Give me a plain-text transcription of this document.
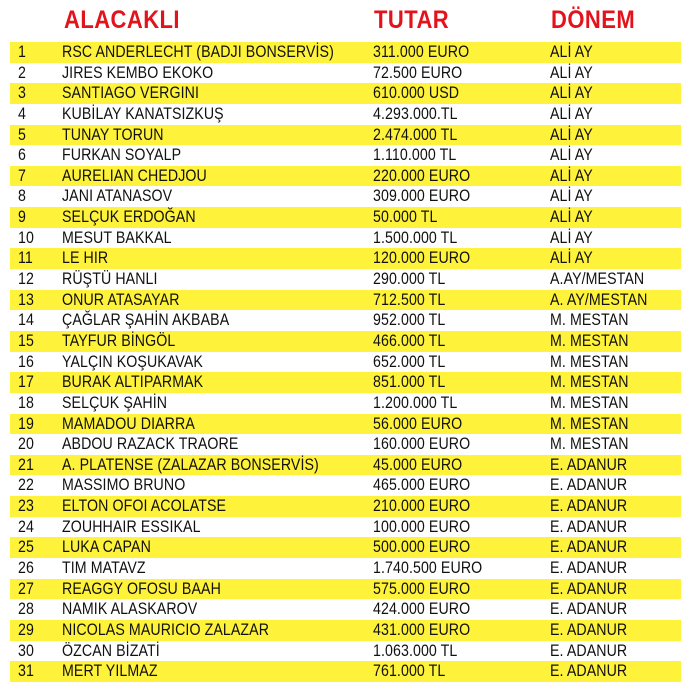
ALACAKLI	TUTAR	DÖNEM
1 RSC ANDERLECHT (BADJI BONSERVİS) 311.000 EURO	ALİ AY
2 JIRES KEMBO EKOKO	72.500 EURO	ALİ AY
3 SANTIAGO VERGINI	610.000 USD	ALİ AY
4 KUBİLAY KANATSIZKUŞ	4.293.000.TL	ALİ AY
5 TUNAY TORUN	2.474.000 TL	ALİ AY
6 FURKAN SOYALP	1.110.000 TL	ALİ AY
7 AURELIAN CHEDJOU	220.000 EURO	ALİ AY
8 JANI ATANASOV	309.000 EURO	ALİ AY
9 SELÇUK ERDOĞAN	50.000 TL	ALİ AY
10 MESUT BAKKAL	1.500.000 TL	ALİ AY
11 LE HIR	120.000 EURO	ALİ AY
12 RÜŞTÜ HANLI	290.000 TL	A.AY/MESTAN
13 ONUR ATASAYAR	712.500 TL	A. AY/MESTAN
14 ÇAĞLAR ŞAHİN AKBABA	952.000 TL	M. MESTAN
15 TAYFUR BİNGÖL	466.000 TL	M. MESTAN
16 YALÇIN KOŞUKAVAK	652.000 TL	M. MESTAN
17 BURAK ALTIPARMAK	851.000 TL	M. MESTAN
18 SELÇUK ŞAHİN	1.200.000 TL	M. MESTAN
19 MAMADOU DIARRA	56.000 EURO	M. MESTAN
20 ABDOU RAZACK TRAORE	160.000 EURO	M. MESTAN
21 A. PLATENSE (ZALAZAR BONSERVİS)	45.000 EURO	E. ADANUR
22 MASSIMO BRUNO	465.000 EURO	E. ADANUR
23 ELTON OFOI ACOLATSE	210.000 EURO	E. ADANUR
24 ZOUHHAIR ESSIKAL	100.000 EURO	E. ADANUR
25 LUKA CAPAN	500.000 EURO	E. ADANUR
26 TIM MATAVZ	1.740.500 EURO	E. ADANUR
27 REAGGY OFOSU BAAH	575.000 EURO	E. ADANUR
28 NAMIK ALASKAROV	424.000 EURO	E. ADANUR
29 NICOLAS MAURICIO ZALAZAR	431.000 EURO	E. ADANUR
30 ÖZCAN BİZATİ	1.063.000 TL	E. ADANUR
31 MERT YILMAZ	761.000 TL	E. ADANUR
